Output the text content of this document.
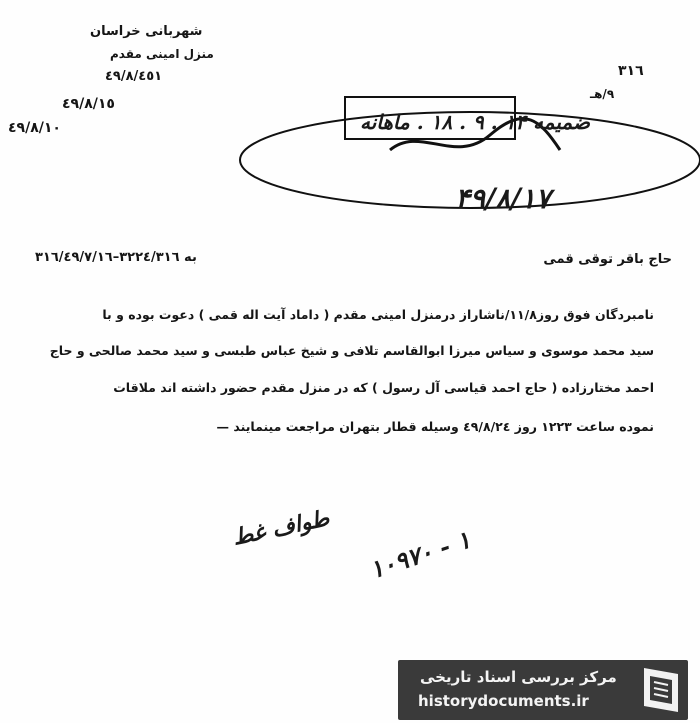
شهربانی خراسان
منزل امینی مقدم
٤٩/٨/٤٥١
٤٩/٨/١٥
٤٩/٨/١٠
٣١٦
٩/هـ
ضمیمه ۱۴ . ۹ . ۱۸ . ماهانه
۴۹/۸/۱۷
به ٣٢٢٤/٣١٦–٣١٦/٤٩/٧/١٦	حاج باقر توقی قمی
نامبردگان فوق روز١١/٨/ناشاراز درمنزل امینی مقدم ( داماد آیت اله قمی ) دعوت بوده و با
سید محمد موسوی و سیاس میرزا ابوالقاسم تلافی و شیخ عباس طبسی و سید محمد صالحی و حاج
احمد مختارزاده ( حاج احمد قیاسی آل رسول ) که در منزل مقدم حضور داشته اند ملاقات
نموده ساعت ١٢٢٣ روز ٤٩/٨/٢٤ وسیله قطار بتهران مراجعت مینمایند —
طواف غط ۱۰۹۷۰ - ۱
مرکز بررسی اسناد تاریخی
historydocuments.ir
